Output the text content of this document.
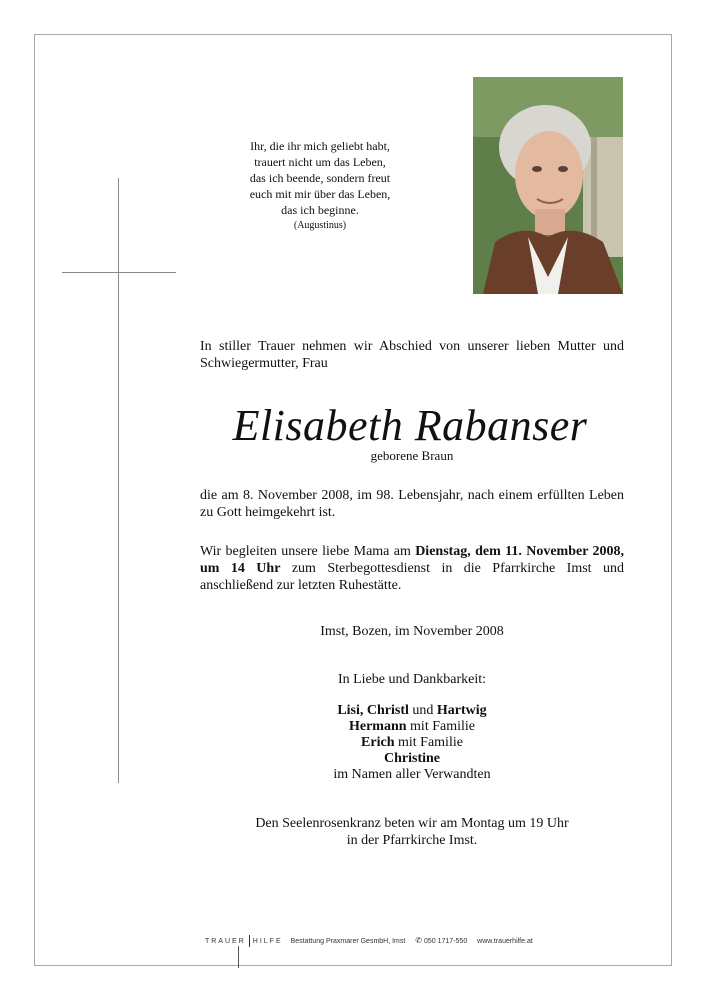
Ihr, die ihr mich geliebt habt,
trauert nicht um das Leben,
das ich beende, sondern freut
euch mit mir über das Leben,
das ich beginne.
(Augustinus)
In stiller Trauer nehmen wir Abschied von unserer lieben Mutter und Schwiegermutter, Frau
Elisabeth Rabanser
geborene Braun
die am 8. November 2008, im 98. Lebensjahr, nach einem erfüllten Leben zu Gott heimgekehrt ist.
Wir begleiten unsere liebe Mama am Dienstag, dem 11. November 2008, um 14 Uhr zum Sterbegottesdienst in die Pfarrkirche Imst und anschließend zur letzten Ruhestätte.
Imst, Bozen, im November 2008
In Liebe und Dankbarkeit:
Lisi, Christl und Hartwig
Hermann mit Familie
Erich mit Familie
Christine
im Namen aller Verwandten
Den Seelenrosenkranz beten wir am Montag um 19 Uhr
in der Pfarrkirche Imst.
TRAUER HILFE Bestattung Praxmarer GesmbH, Imst ✆ 050 1717-550 www.trauerhilfe.at
